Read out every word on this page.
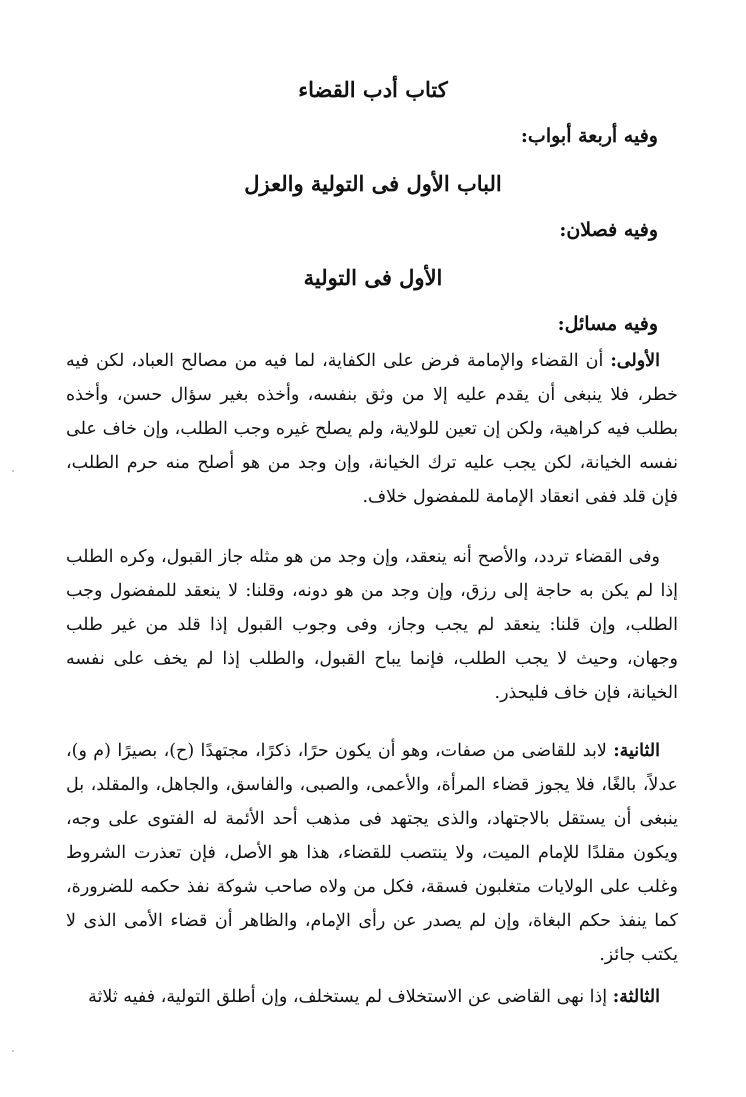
كتاب أدب القضاء
وفيه أربعة أبواب:
الباب الأول فى التولية والعزل
وفيه فصلان:
الأول فى التولية
وفيه مسائل:
الأولى: أن القضاء والإمامة فرض على الكفاية، لما فيه من مصالح العباد، لكن فيه خطر، فلا ينبغى أن يقدم عليه إلا من وثق بنفسه، وأخذه بغير سؤال حسن، وأخذه بطلب فيه كراهية، ولكن إن تعين للولاية، ولم يصلح غيره وجب الطلب، وإن خاف على نفسه الخيانة، لكن يجب عليه ترك الخيانة، وإن وجد من هو أصلح منه حرم الطلب، فإن قلد ففى انعقاد الإمامة للمفضول خلاف.
وفى القضاء تردد، والأصح أنه ينعقد، وإن وجد من هو مثله جاز القبول، وكره الطلب إذا لم يكن به حاجة إلى رزق، وإن وجد من هو دونه، وقلنا: لا ينعقد للمفضول وجب الطلب، وإن قلنا: ينعقد لم يجب وجاز، وفى وجوب القبول إذا قلد من غير طلب وجهان، وحيث لا يجب الطلب، فإنما يباح القبول، والطلب إذا لم يخف على نفسه الخيانة، فإن خاف فليحذر.
الثانية: لابد للقاضى من صفات، وهو أن يكون حرًا، ذكرًا، مجتهدًا (ح)، بصيرًا (م و)، عدلاً، بالغًا، فلا يجوز قضاء المرأة، والأعمى، والصبى، والفاسق، والجاهل، والمقلد، بل ينبغى أن يستقل بالاجتهاد، والذى يجتهد فى مذهب أحد الأئمة له الفتوى على وجه، ويكون مقلدًا للإمام الميت، ولا ينتصب للقضاء، هذا هو الأصل، فإن تعذرت الشروط وغلب على الولايات متغلبون فسقة، فكل من ولاه صاحب شوكة نفذ حكمه للضرورة، كما ينفذ حكم البغاة، وإن لم يصدر عن رأى الإمام، والظاهر أن قضاء الأمى الذى لا يكتب جائز.
الثالثة: إذا نهى القاضى عن الاستخلاف لم يستخلف، وإن أطلق التولية، ففيه ثلاثة
